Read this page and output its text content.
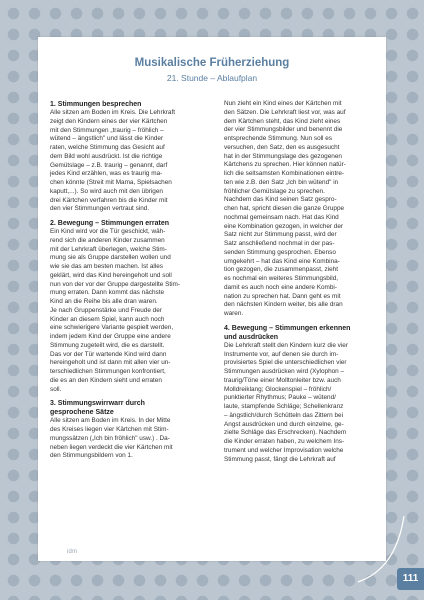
Musikalische Früherziehung
21. Stunde – Ablaufplan

1. Stimmungen besprechen

Alle sitzen am Boden im Kreis. Die Lehrkraft
zeigt den Kindern eines der vier Kärtchen
mit den Stimmungen „traurig – fröhlich –
wütend – ängstlich" und lässt die Kinder
raten, welche Stimmung das Gesicht auf
dem Bild wohl ausdrückt. Ist die richtige
Gemütslage – z.B. traurig – genannt, darf
jedes Kind erzählen, was es traurig ma-
chen könnte (Streit mit Mama, Spielsachen
kaputt,...). So wird auch mit den übrigen
drei Kärtchen verfahren bis die Kinder mit
den vier Stimmungen vertraut sind.

2. Bewegung – Stimmungen erraten

Ein Kind wird vor die Tür geschickt, wäh-
rend sich die anderen Kinder zusammen
mit der Lehrkraft überlegen, welche Stim-
mung sie als Gruppe darstellen wollen und
wie sie das am besten machen. Ist alles
geklärt, wird das Kind hereingeholt und soll
nun von der vor der Gruppe dargestellte Stim-
mung erraten. Dann kommt das nächste
Kind an die Reihe bis alle dran waren.
Je nach Gruppenstärke und Freude der
Kinder an diesem Spiel, kann auch noch
eine schwierigere Variante gespielt werden,
indem jedem Kind der Gruppe eine andere
Stimmung zugeteilt wird, die es darstellt.
Das vor der Tür wartende Kind wird dann
hereingeholt und ist dann mit allen vier un-
terschiedlichen Stimmungen konfrontiert,
die es an den Kindern sieht und erraten
soll.

3. Stimmungswirrwarr durch
gesprochene Sätze

Alle sitzen am Boden im Kreis. In der Mitte
des Kreises liegen vier Kärtchen mit Stim-
mungssätzen („Ich bin fröhlich" usw.) . Da-
neben liegen verdeckt die vier Kärtchen mit
den Stimmungsbildern von 1.

Nun zieht ein Kind eines der Kärtchen mit
den Sätzen. Die Lehrkraft liest vor, was auf
dem Kärtchen steht, das Kind zieht eines
der vier Stimmungsbilder und benennt die
entsprechende Stimmung. Nun soll es
versuchen, den Satz, den es ausgesucht
hat in der Stimmungslage des gezogenen
Kärtchens zu sprechen. Hier können natür-
lich die seltsamsten Kombinationen eintre-
ten wie z.B. den Satz „Ich bin wütend" in
fröhlicher Gemütslage zu sprechen.
Nachdem das Kind seinen Satz gespro-
chen hat, spricht diesen die ganze Gruppe
nochmal gemeinsam nach. Hat das Kind
eine Kombination gezogen, in welcher der
Satz nicht zur Stimmung passt, wird der
Satz anschließend nochmal in der pas-
senden Stimmung gesprochen. Ebenso
umgekehrt – hat das Kind eine Kombina-
tion gezogen, die zusammenpasst, zieht
es nochmal ein weiteres Stimmungsbild,
damit es auch noch eine andere Kombi-
nation zu sprechen hat. Dann geht es mit
den nächsten Kindern weiter, bis alle dran
waren.

4. Bewegung – Stimmungen erkennen
und ausdrücken

Die Lehrkraft stellt den Kindern kurz die vier
Instrumente vor, auf denen sie durch im-
provisiertes Spiel die unterschiedlichen vier
Stimmungen ausdrücken wird (Xylophon –
traurig/Töne einer Molltonleiter bzw. auch
Molldreiklang; Glockenspiel – fröhlich/
punktierter Rhythmus; Pauke – wütend/
laute, stampfende Schläge; Schellenkranz
– ängstlich/durch Schütteln das Zittern bei
Angst ausdrücken und durch einzelne, ge-
zielte Schläge das Erschrecken). Nachdem
die Kinder erraten haben, zu welchem Ins-
trument und welcher Improvisation welche
Stimmung passt, fängt die Lehrkraft auf

idm
111
